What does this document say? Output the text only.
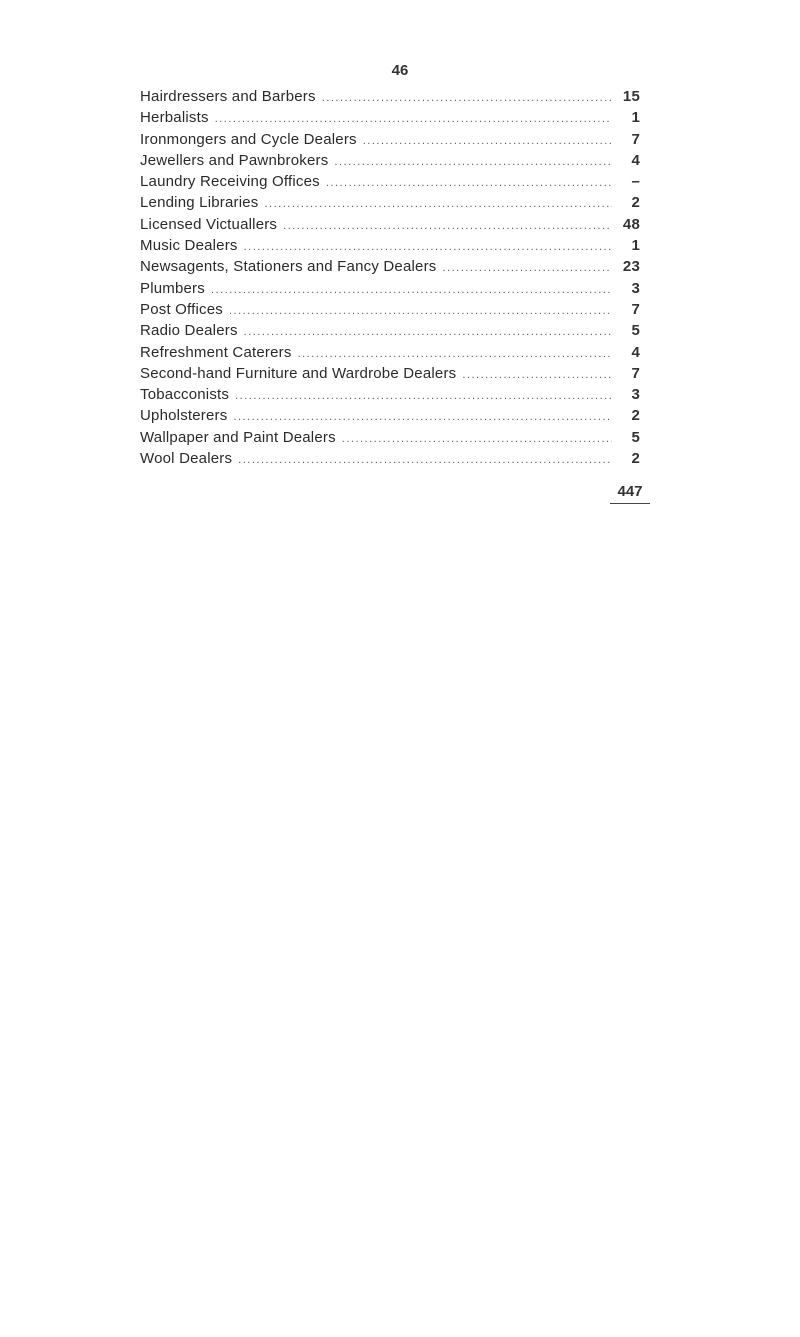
46
Hairdressers and Barbers .....	15
Herbalists .....	1
Ironmongers and Cycle Dealers .....	7
Jewellers and Pawnbrokers .....	4
Laundry Receiving Offices .....	–
Lending Libraries .....	2
Licensed Victuallers .....	48
Music Dealers .....	1
Newsagents, Stationers and Fancy Dealers .....	23
Plumbers .....	3
Post Offices .....	7
Radio Dealers .....	5
Refreshment Caterers .....	4
Second-hand Furniture and Wardrobe Dealers .....	7
Tobacconists .....	3
Upholsterers .....	2
Wallpaper and Paint Dealers .....	5
Wool Dealers .....	2
447
